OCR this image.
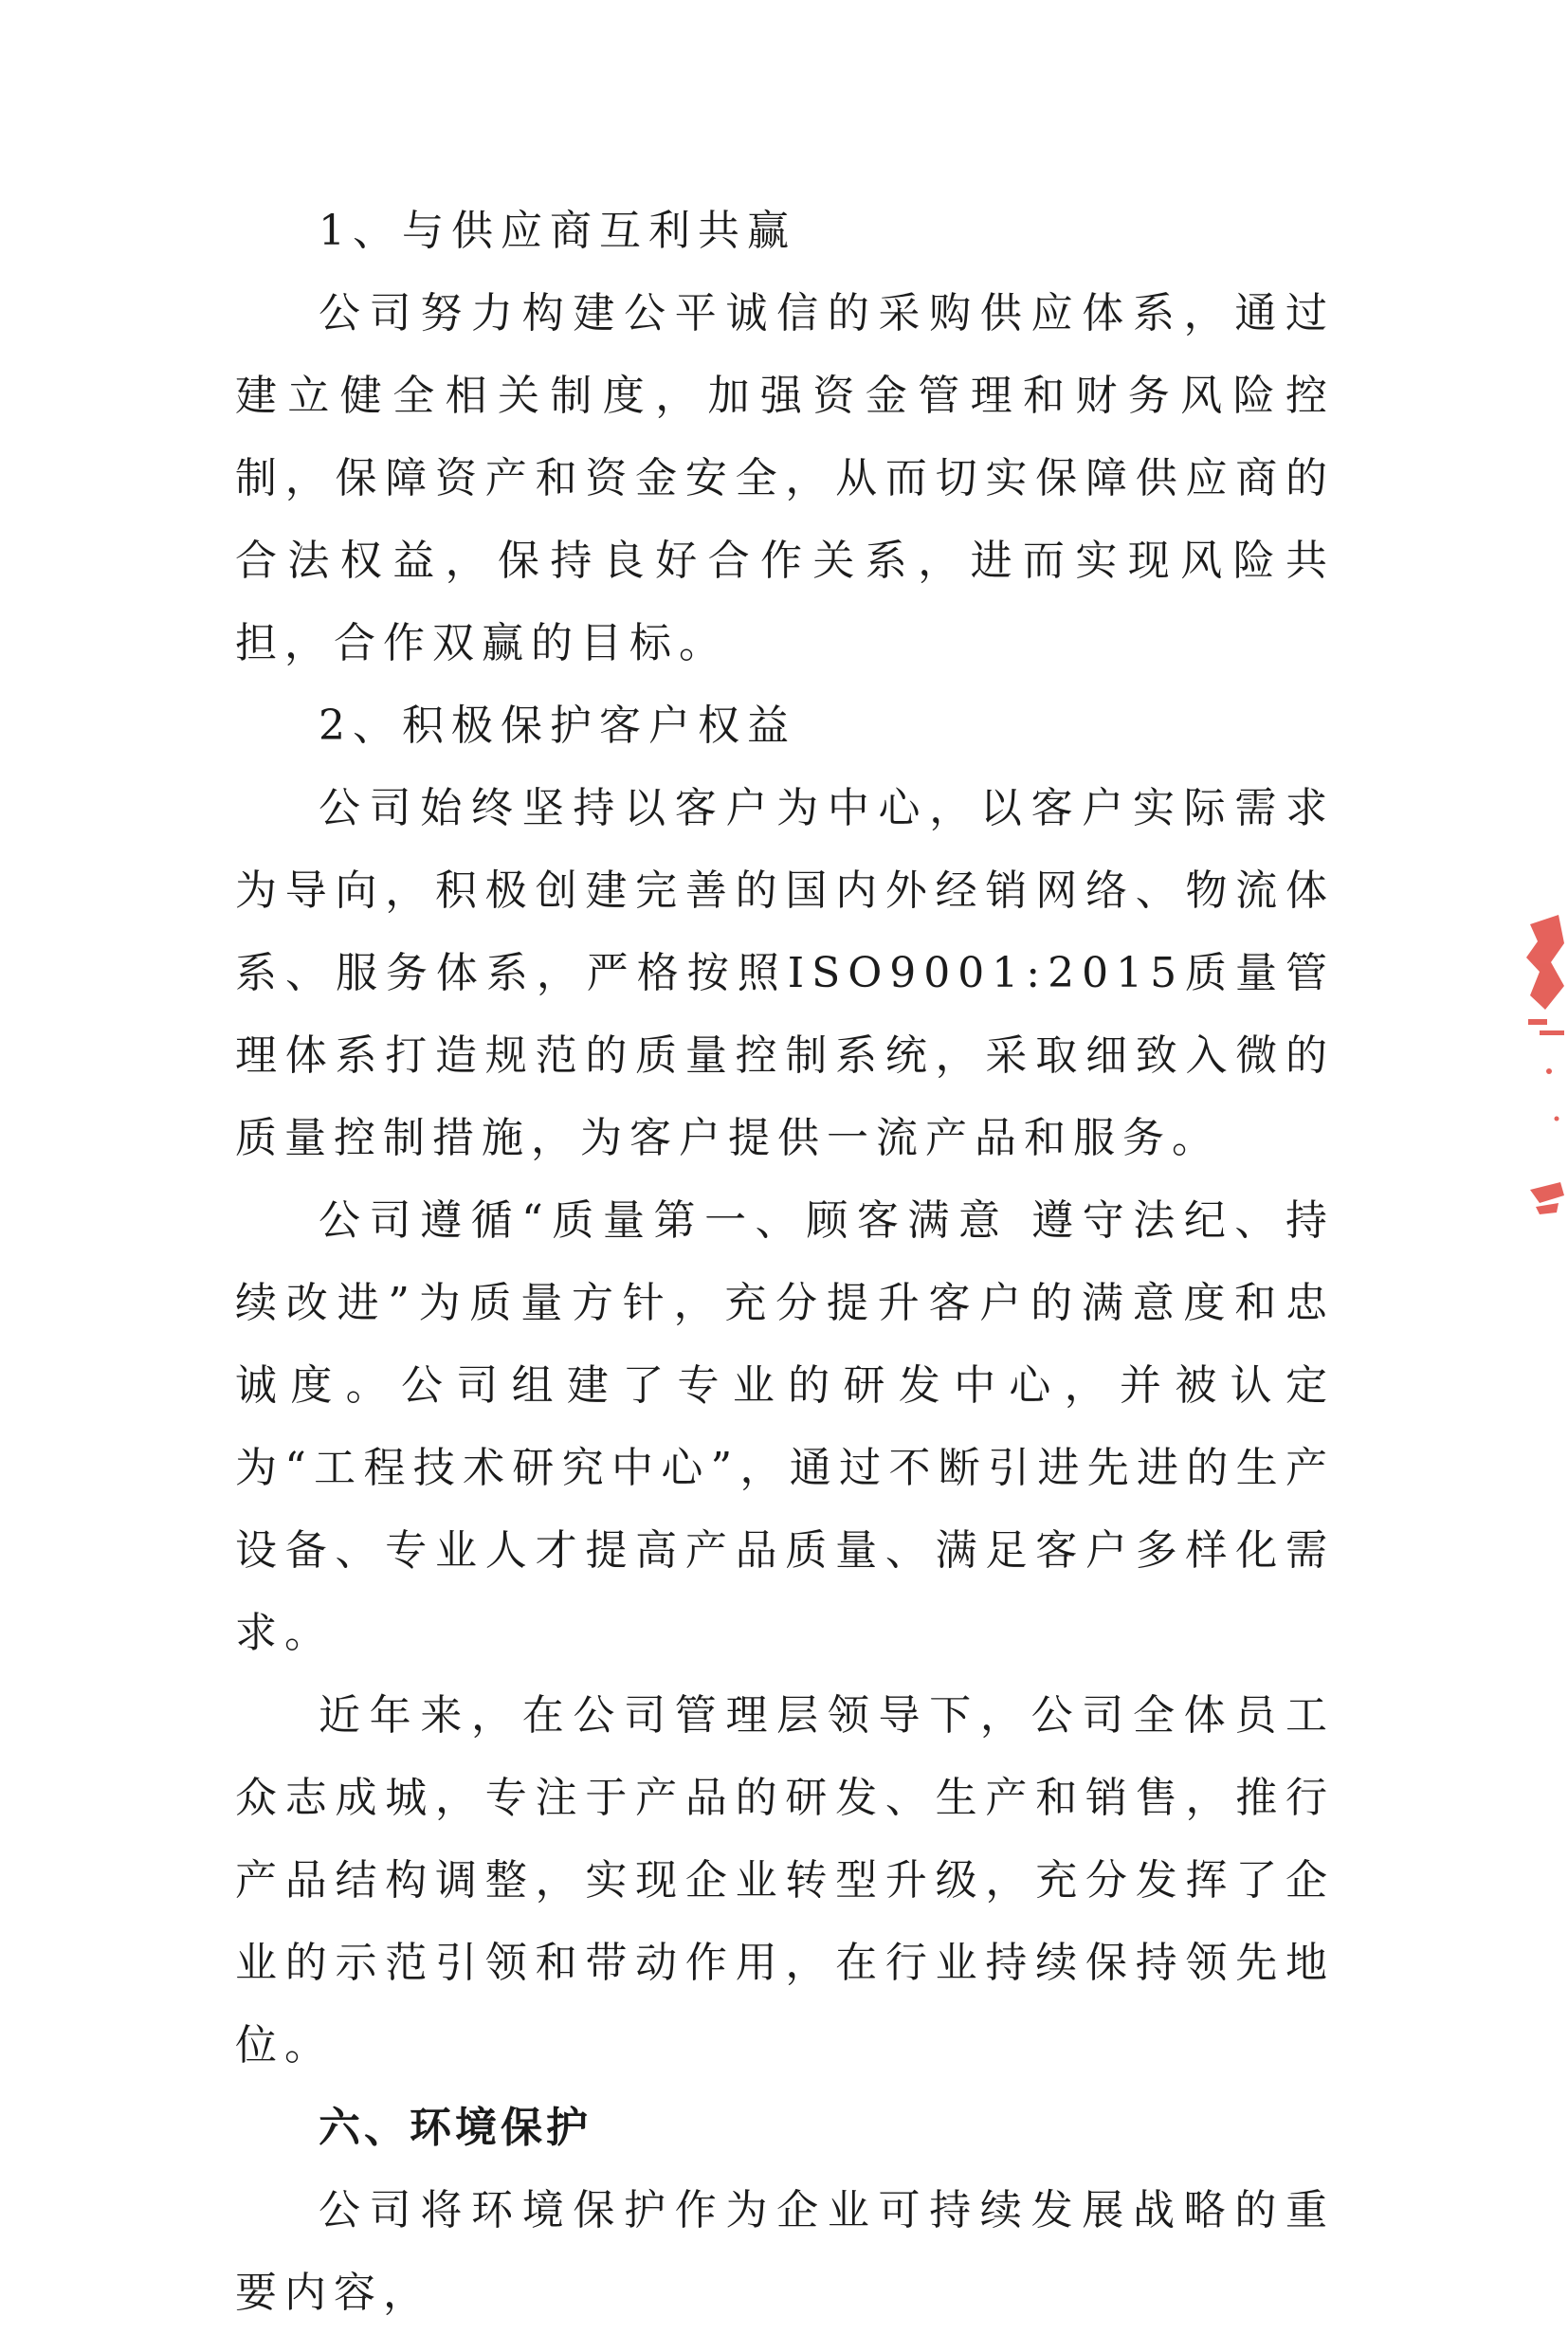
1、与供应商互利共赢

公司努力构建公平诚信的采购供应体系，通过建立健全相关制度，加强资金管理和财务风险控制，保障资产和资金安全，从而切实保障供应商的合法权益，保持良好合作关系，进而实现风险共担，合作双赢的目标。

2、积极保护客户权益

公司始终坚持以客户为中心，以客户实际需求为导向，积极创建完善的国内外经销网络、物流体系、服务体系，严格按照ISO9001:2015质量管理体系打造规范的质量控制系统，采取细致入微的质量控制措施，为客户提供一流产品和服务。

公司遵循“质量第一、顾客满意 遵守法纪、持续改进”为质量方针，充分提升客户的满意度和忠诚度。公司组建了专业的研发中心，并被认定为“工程技术研究中心”，通过不断引进先进的生产设备、专业人才提高产品质量、满足客户多样化需求。

近年来，在公司管理层领导下，公司全体员工众志成城，专注于产品的研发、生产和销售，推行产品结构调整，实现企业转型升级，充分发挥了企业的示范引领和带动作用，在行业持续保持领先地位。

六、环境保护

公司将环境保护作为企业可持续发展战略的重要内容，
